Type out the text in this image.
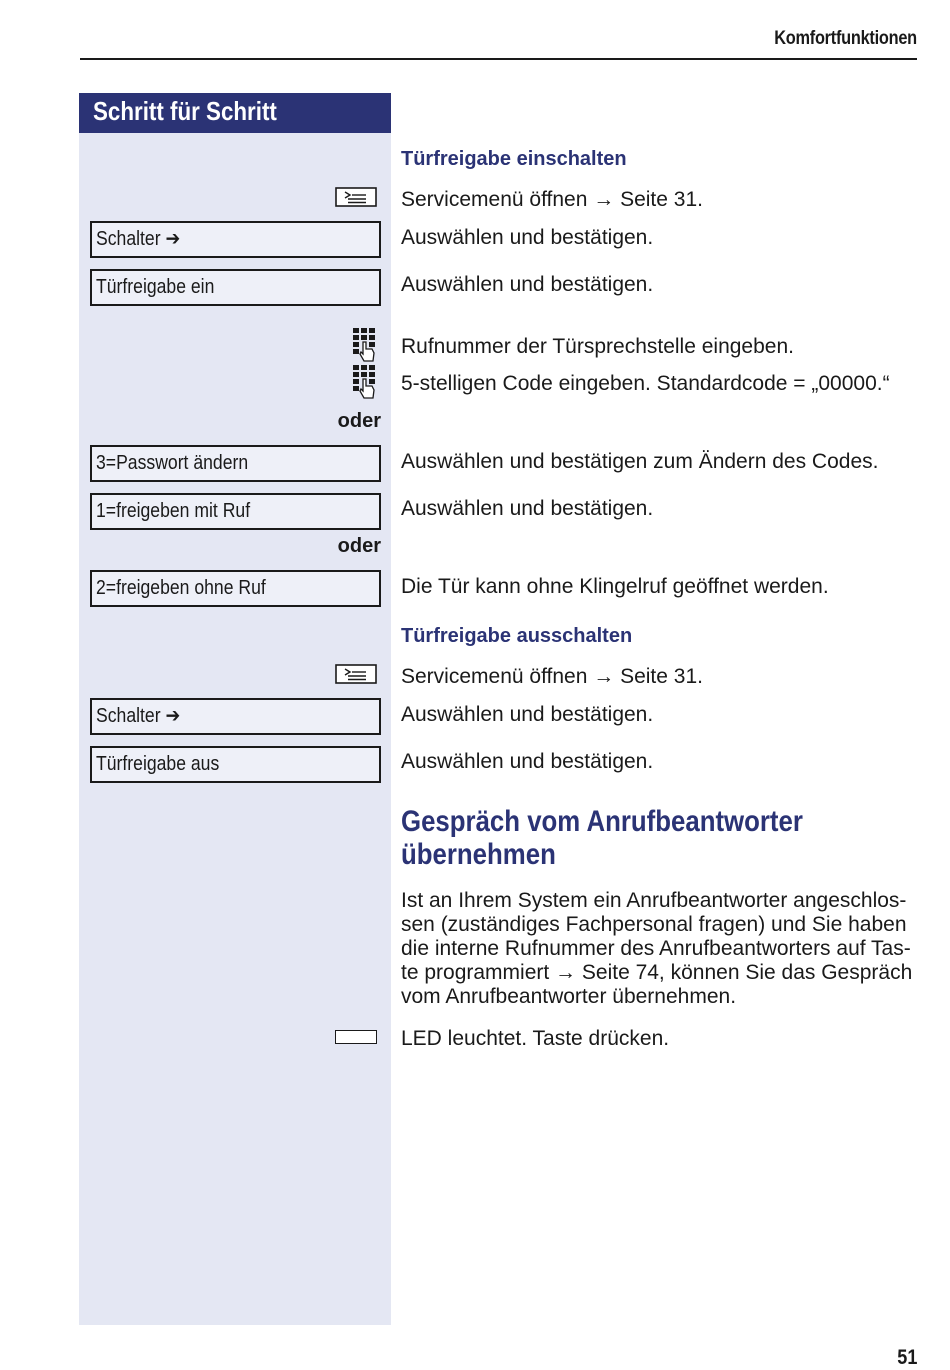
Komfortfunktionen
Schritt für Schritt
Türfreigabe einschalten
Servicemenü öffnen → Seite 31.
Schalter ➔	Auswählen und bestätigen.
Türfreigabe ein	Auswählen und bestätigen.
Rufnummer der Türsprechstelle eingeben.
5-stelligen Code eingeben. Standardcode = „00000.“
oder
3=Passwort ändern	Auswählen und bestätigen zum Ändern des Codes.
1=freigeben mit Ruf	Auswählen und bestätigen.
oder
2=freigeben ohne Ruf	Die Tür kann ohne Klingelruf geöffnet werden.
Türfreigabe ausschalten
Servicemenü öffnen → Seite 31.
Schalter ➔	Auswählen und bestätigen.
Türfreigabe aus	Auswählen und bestätigen.
Gespräch vom Anrufbeantworter
übernehmen
Ist an Ihrem System ein Anrufbeantworter angeschlos-
sen (zuständiges Fachpersonal fragen) und Sie haben
die interne Rufnummer des Anrufbeantworters auf Tas-
te programmiert → Seite 74, können Sie das Gespräch
vom Anrufbeantworter übernehmen.
LED leuchtet. Taste drücken.
51
